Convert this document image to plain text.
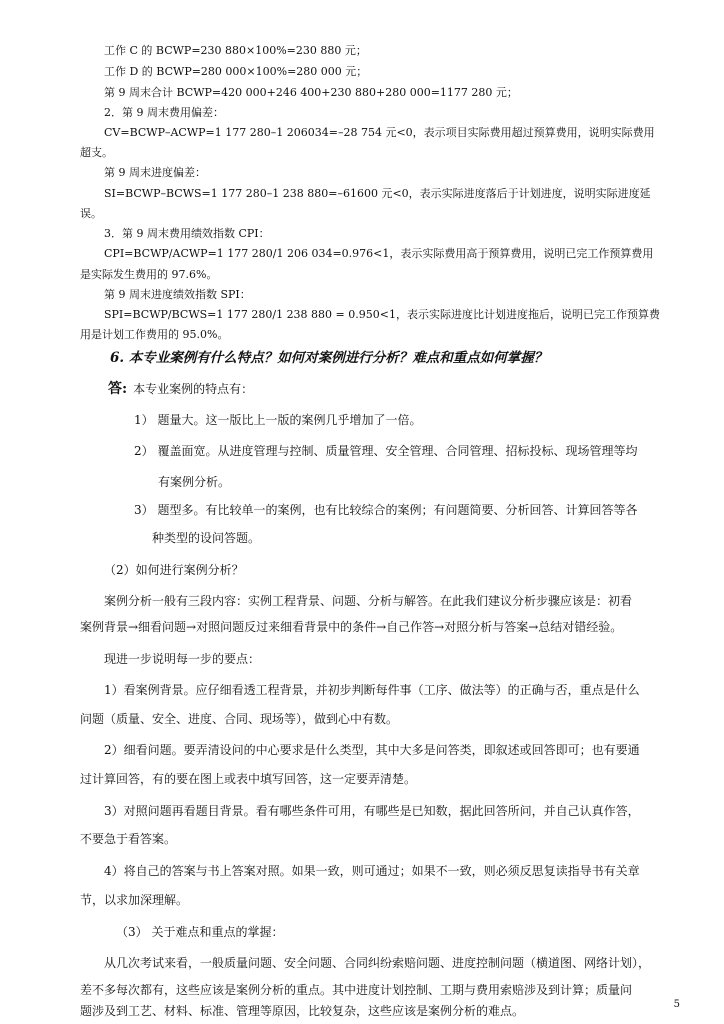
工作 C 的 BCWP=230 880×100%=230 880 元；
工作 D 的 BCWP=280 000×100%=280 000 元；
第 9 周末合计 BCWP=420 000+246 400+230 880+280 000=1177 280 元；
2．第 9 周末费用偏差：
CV=BCWP–ACWP=1 177 280–1 206034=–28 754 元<0，表示项目实际费用超过预算费用，说明实际费用
超支。
第 9 周末进度偏差：
SI=BCWP–BCWS=1 177 280–1 238 880=–61600 元<0，表示实际进度落后于计划进度，说明实际进度延
误。
3．第 9 周末费用绩效指数 CPI：
CPI=BCWP/ACWP=1 177 280/1 206 034=0.976<1，表示实际费用高于预算费用，说明已完工作预算费用
是实际发生费用的 97.6%。
第 9 周末进度绩效指数 SPI：
SPI=BCWP/BCWS=1 177 280/1 238 880 = 0.950<1，表示实际进度比计划进度拖后，说明已完工作预算费
用是计划工作费用的 95.0%。
6. 本专业案例有什么特点？如何对案例进行分析？难点和重点如何掌握？
答: 本专业案例的特点有：
1） 题量大。这一版比上一版的案例几乎增加了一倍。
2） 覆盖面宽。从进度管理与控制、质量管理、安全管理、合同管理、招标投标、现场管理等均
有案例分析。
3） 题型多。有比较单一的案例，也有比较综合的案例；有问题简要、分析回答、计算回答等各
种类型的设问答题。
（2）如何进行案例分析？
案例分析一般有三段内容：实例工程背景、问题、分析与解答。在此我们建议分析步骤应该是：初看
案例背景→细看问题→对照问题反过来细看背景中的条件→自己作答→对照分析与答案→总结对错经验。
现进一步说明每一步的要点：
1）看案例背景。应仔细看透工程背景，并初步判断每件事（工序、做法等）的正确与否，重点是什么
问题（质量、安全、进度、合同、现场等），做到心中有数。
2）细看问题。要弄清设问的中心要求是什么类型，其中大多是问答类，即叙述或回答即可；也有要通
过计算回答，有的要在图上或表中填写回答，这一定要弄清楚。
3）对照问题再看题目背景。看有哪些条件可用，有哪些是已知数，据此回答所问，并自己认真作答，
不要急于看答案。
4）将自己的答案与书上答案对照。如果一致，则可通过；如果不一致，则必须反思复读指导书有关章
节，以求加深理解。
（3） 关于难点和重点的掌握：
从几次考试来看，一般质量问题、安全问题、合同纠纷索赔问题、进度控制问题（横道图、网络计划），
差不多每次都有，这些应该是案例分析的重点。其中进度计划控制、工期与费用索赔涉及到计算；质量问
题涉及到工艺、材料、标准、管理等原因，比较复杂，这些应该是案例分析的难点。	5
